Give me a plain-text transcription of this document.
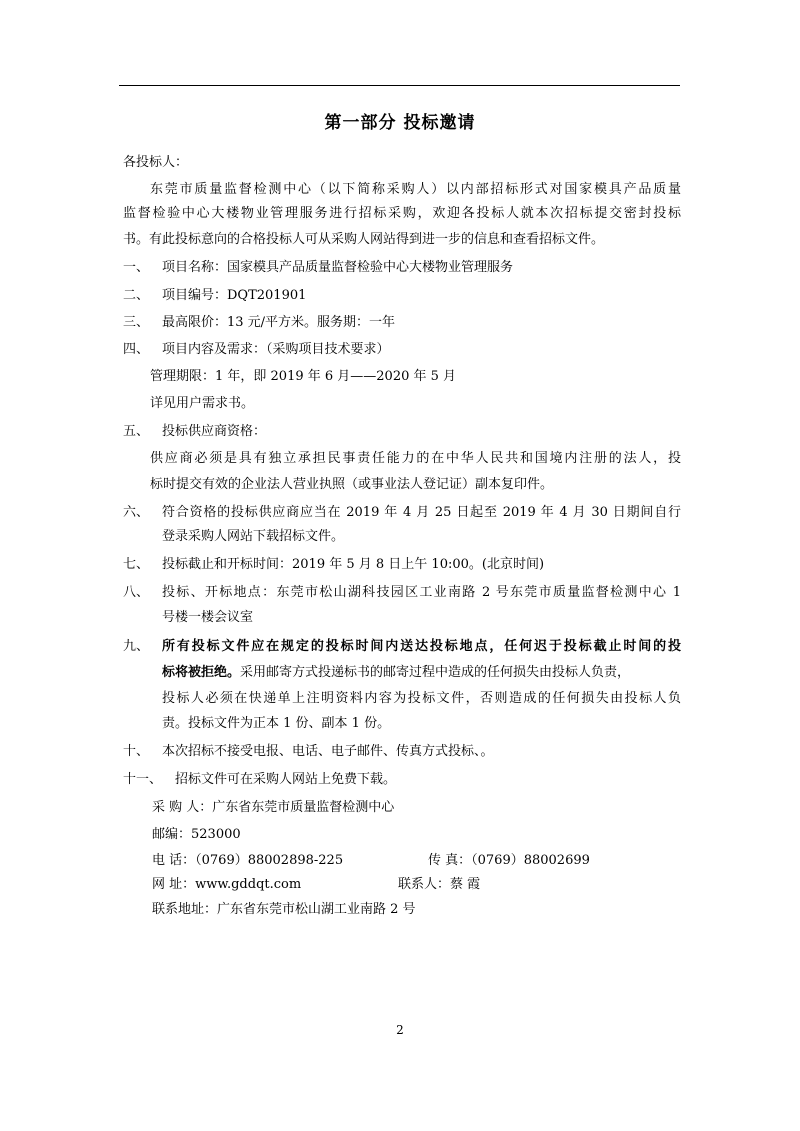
第一部分 投标邀请
各投标人：
东莞市质量监督检测中心（以下简称采购人）以内部招标形式对国家模具产品质量
监督检验中心大楼物业管理服务进行招标采购，欢迎各投标人就本次招标提交密封投标
书。有此投标意向的合格投标人可从采购人网站得到进一步的信息和查看招标文件。
一、 项目名称：国家模具产品质量监督检验中心大楼物业管理服务
二、 项目编号：DQT201901
三、 最高限价：13 元/平方米。服务期：一年
四、 项目内容及需求：（采购项目技术要求）
管理期限：1 年，即 2019 年 6 月——2020 年 5 月
详见用户需求书。
五、 投标供应商资格：
供应商必须是具有独立承担民事责任能力的在中华人民共和国境内注册的法人，投
标时提交有效的企业法人营业执照（或事业法人登记证）副本复印件。
六、 符合资格的投标供应商应当在 2019 年 4 月 25 日起至 2019 年 4 月 30 日期间自行
登录采购人网站下载招标文件。
七、 投标截止和开标时间：2019 年 5 月 8 日上午 10:00。(北京时间)
八、 投标、开标地点：东莞市松山湖科技园区工业南路 2 号东莞市质量监督检测中心 1
号楼一楼会议室
九、 所有投标文件应在规定的投标时间内送达投标地点，任何迟于投标截止时间的投
标将被拒绝。采用邮寄方式投递标书的邮寄过程中造成的任何损失由投标人负责，
投标人必须在快递单上注明资料内容为投标文件，否则造成的任何损失由投标人负
责。投标文件为正本 1 份、副本 1 份。
十、 本次招标不接受电报、电话、电子邮件、传真方式投标、。
十一、 招标文件可在采购人网站上免费下载。
采 购 人：广东省东莞市质量监督检测中心
邮编：523000
电 话：（0769）88002898-225	传 真：（0769）88002699
网 址：www.gddqt.com	联系人：蔡 霞
联系地址：广东省东莞市松山湖工业南路 2 号
2
